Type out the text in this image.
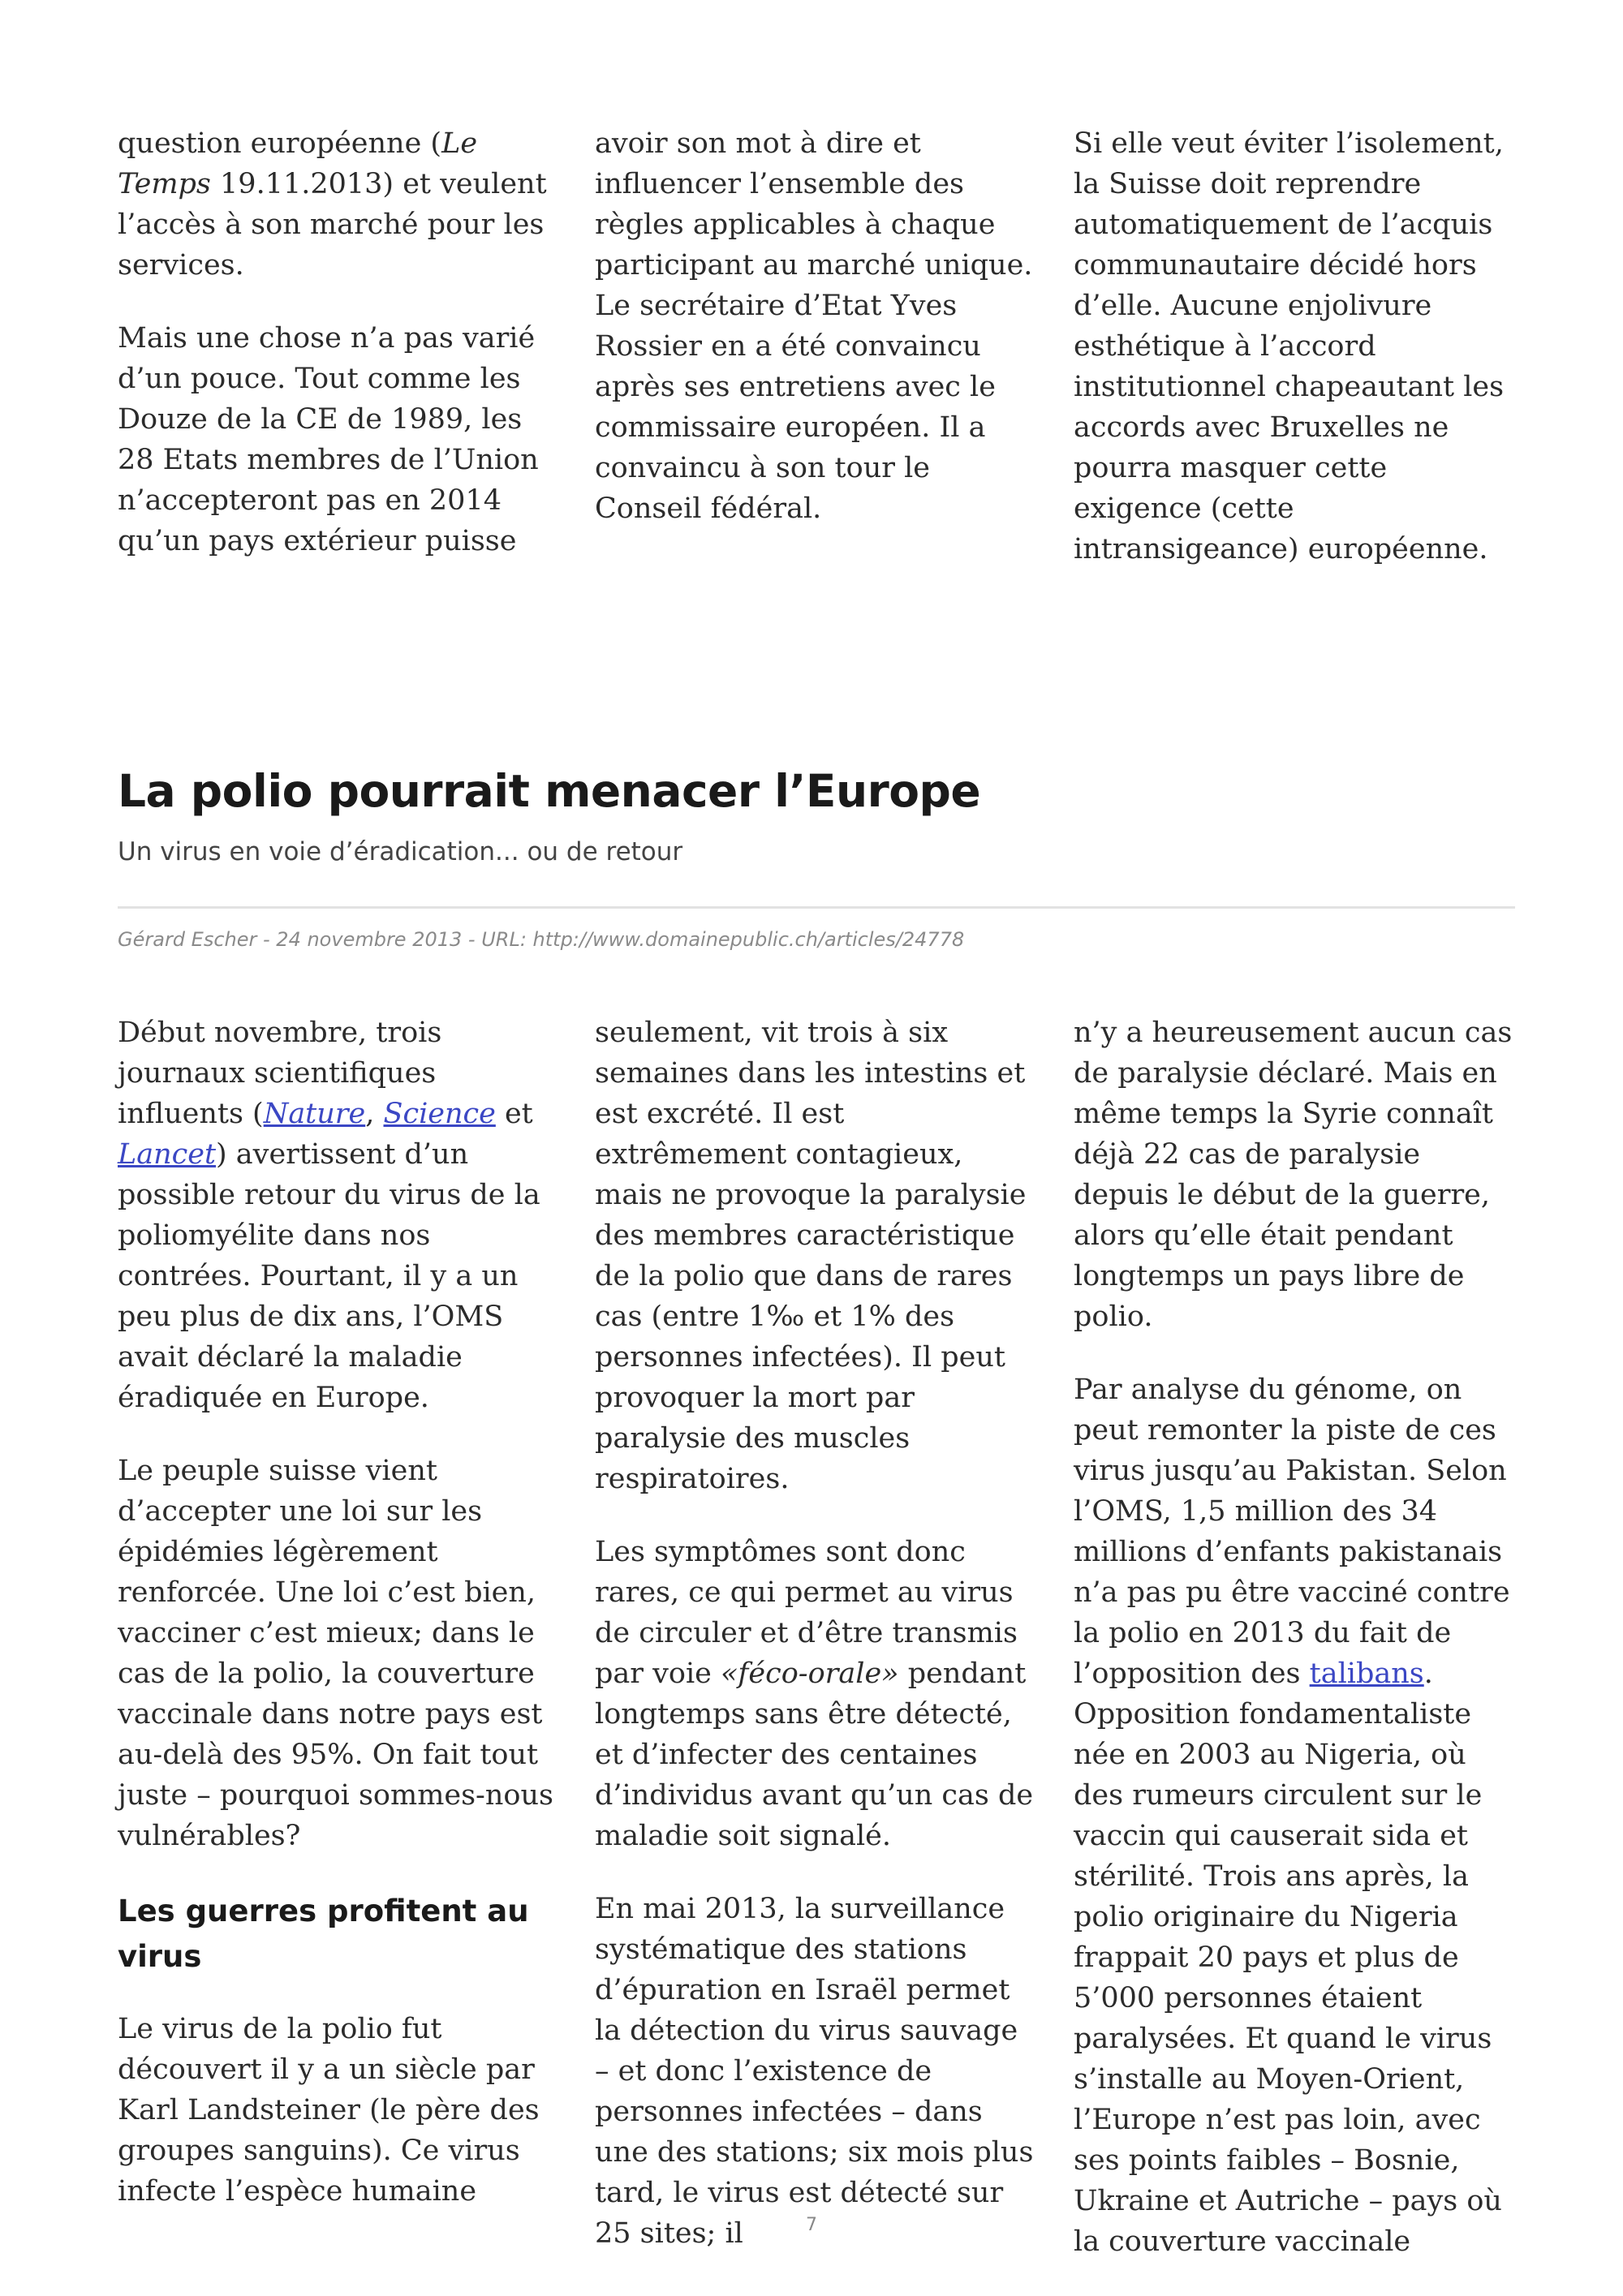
question européenne (Le Temps 19.11.2013) et veulent l’accès à son marché pour les services.

Mais une chose n’a pas varié d’un pouce. Tout comme les Douze de la CE de 1989, les 28 Etats membres de l’Union n’accepteront pas en 2014 qu’un pays extérieur puisse

avoir son mot à dire et influencer l’ensemble des règles applicables à chaque participant au marché unique. Le secrétaire d’Etat Yves Rossier en a été convaincu après ses entretiens avec le commissaire européen. Il a convaincu à son tour le Conseil fédéral.

Si elle veut éviter l’isolement, la Suisse doit reprendre automatiquement de l’acquis communautaire décidé hors d’elle. Aucune enjolivure esthétique à l’accord institutionnel chapeautant les accords avec Bruxelles ne pourra masquer cette exigence (cette intransigeance) européenne.

La polio pourrait menacer l’Europe
Un virus en voie d’éradication... ou de retour
Gérard Escher - 24 novembre 2013 - URL: http://www.domainepublic.ch/articles/24778

Début novembre, trois journaux scientifiques influents (Nature, Science et Lancet) avertissent d’un possible retour du virus de la poliomyélite dans nos contrées. Pourtant, il y a un peu plus de dix ans, l’OMS avait déclaré la maladie éradiquée en Europe.

Le peuple suisse vient d’accepter une loi sur les épidémies légèrement renforcée. Une loi c’est bien, vacciner c’est mieux; dans le cas de la polio, la couverture vaccinale dans notre pays est au-delà des 95%. On fait tout juste – pourquoi sommes-nous vulnérables?

Les guerres profitent au virus

Le virus de la polio fut découvert il y a un siècle par Karl Landsteiner (le père des groupes sanguins). Ce virus infecte l’espèce humaine

seulement, vit trois à six semaines dans les intestins et est excrété. Il est extrêmement contagieux, mais ne provoque la paralysie des membres caractéristique de la polio que dans de rares cas (entre 1‰ et 1% des personnes infectées). Il peut provoquer la mort par paralysie des muscles respiratoires.

Les symptômes sont donc rares, ce qui permet au virus de circuler et d’être transmis par voie «féco-orale» pendant longtemps sans être détecté, et d’infecter des centaines d’individus avant qu’un cas de maladie soit signalé.

En mai 2013, la surveillance systématique des stations d’épuration en Israël permet la détection du virus sauvage – et donc l’existence de personnes infectées – dans une des stations; six mois plus tard, le virus est détecté sur 25 sites; il

n’y a heureusement aucun cas de paralysie déclaré. Mais en même temps la Syrie connaît déjà 22 cas de paralysie depuis le début de la guerre, alors qu’elle était pendant longtemps un pays libre de polio.

Par analyse du génome, on peut remonter la piste de ces virus jusqu’au Pakistan. Selon l’OMS, 1,5 million des 34 millions d’enfants pakistanais n’a pas pu être vacciné contre la polio en 2013 du fait de l’opposition des talibans. Opposition fondamentaliste née en 2003 au Nigeria, où des rumeurs circulent sur le vaccin qui causerait sida et stérilité. Trois ans après, la polio originaire du Nigeria frappait 20 pays et plus de 5’000 personnes étaient paralysées. Et quand le virus s’installe au Moyen-Orient, l’Europe n’est pas loin, avec ses points faibles – Bosnie, Ukraine et Autriche – pays où la couverture vaccinale

7
